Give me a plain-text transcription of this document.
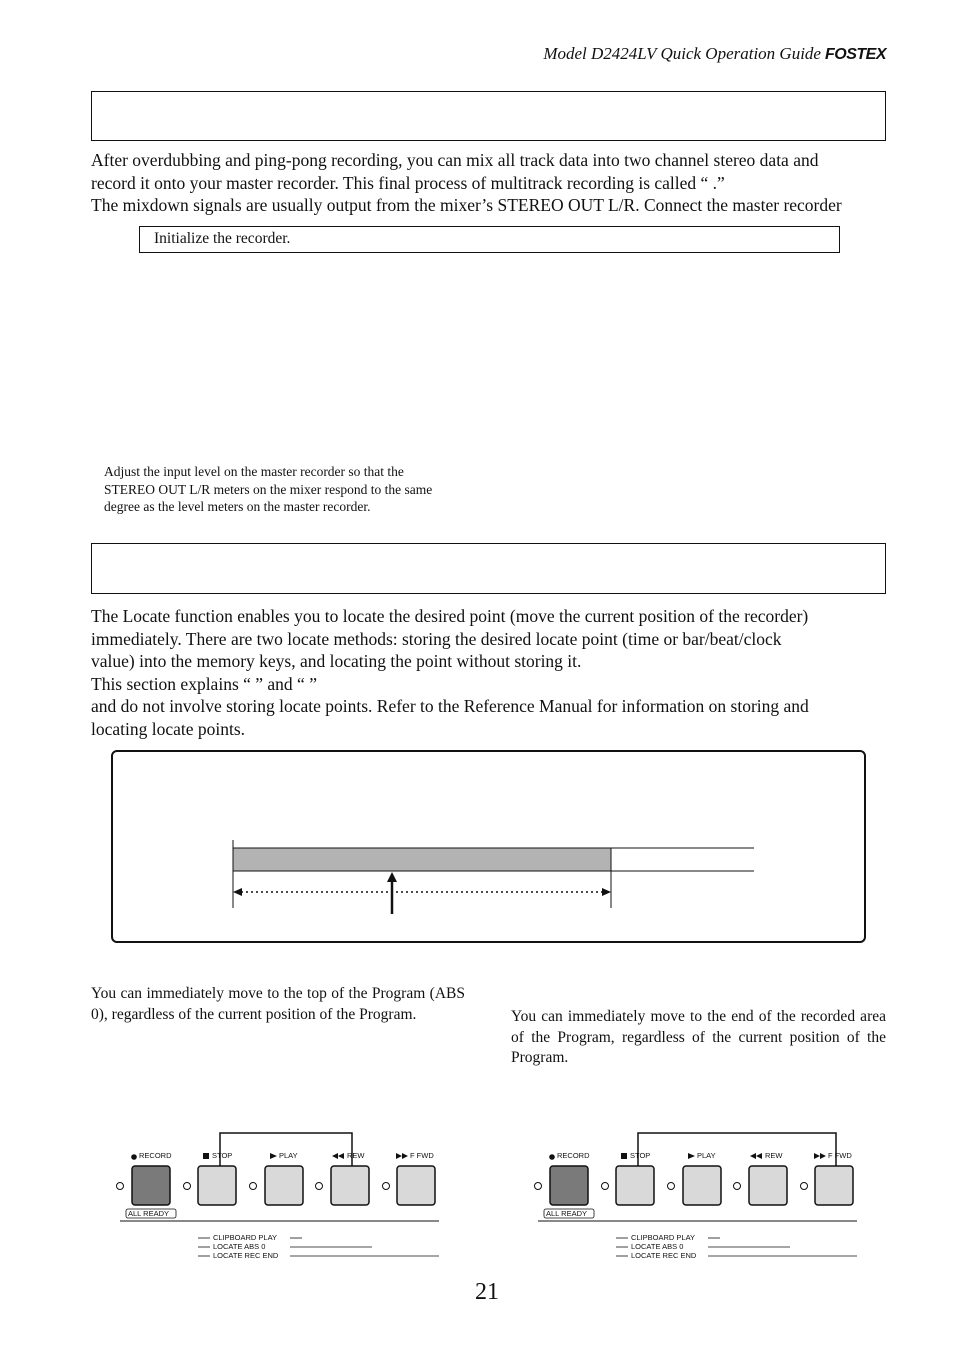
Model D2424LV Quick Operation Guide FOSTEX

After overdubbing and ping-pong recording, you can mix all track data into two channel stereo data and

record it onto your master recorder. This final process of multitrack recording is called “ .”

The mixdown signals are usually output from the mixer’s STEREO OUT L/R. Connect the master recorder

Initialize the recorder.
Adjust the input level on the master recorder so that the
STEREO OUT L/R meters on the mixer respond to the same
degree as the level meters on the master recorder.

The Locate function enables you to locate the desired point (move the current position of the recorder)

immediately. There are two locate methods: storing the desired locate point (time or bar/beat/clock

value) into the memory keys, and locating the point without storing it.

This section explains “ ” and “ ”

and do not involve storing locate points. Refer to the Reference Manual for information on storing and

locating locate points.

You can immediately move to the top of the Program (ABS 0), regardless of the current position of the Program.	You can immediately move to the end of the recorded area of the Program, regardless of the current position of the Program.
RECORD	STOP	PLAY	REW	F FWD
ALL READY
CLIPBOARD PLAY
LOCATE ABS 0
LOCATE REC END
RECORD	STOP	PLAY	REW	F FWD
ALL READY
CLIPBOARD PLAY
LOCATE ABS 0
LOCATE REC END
21
